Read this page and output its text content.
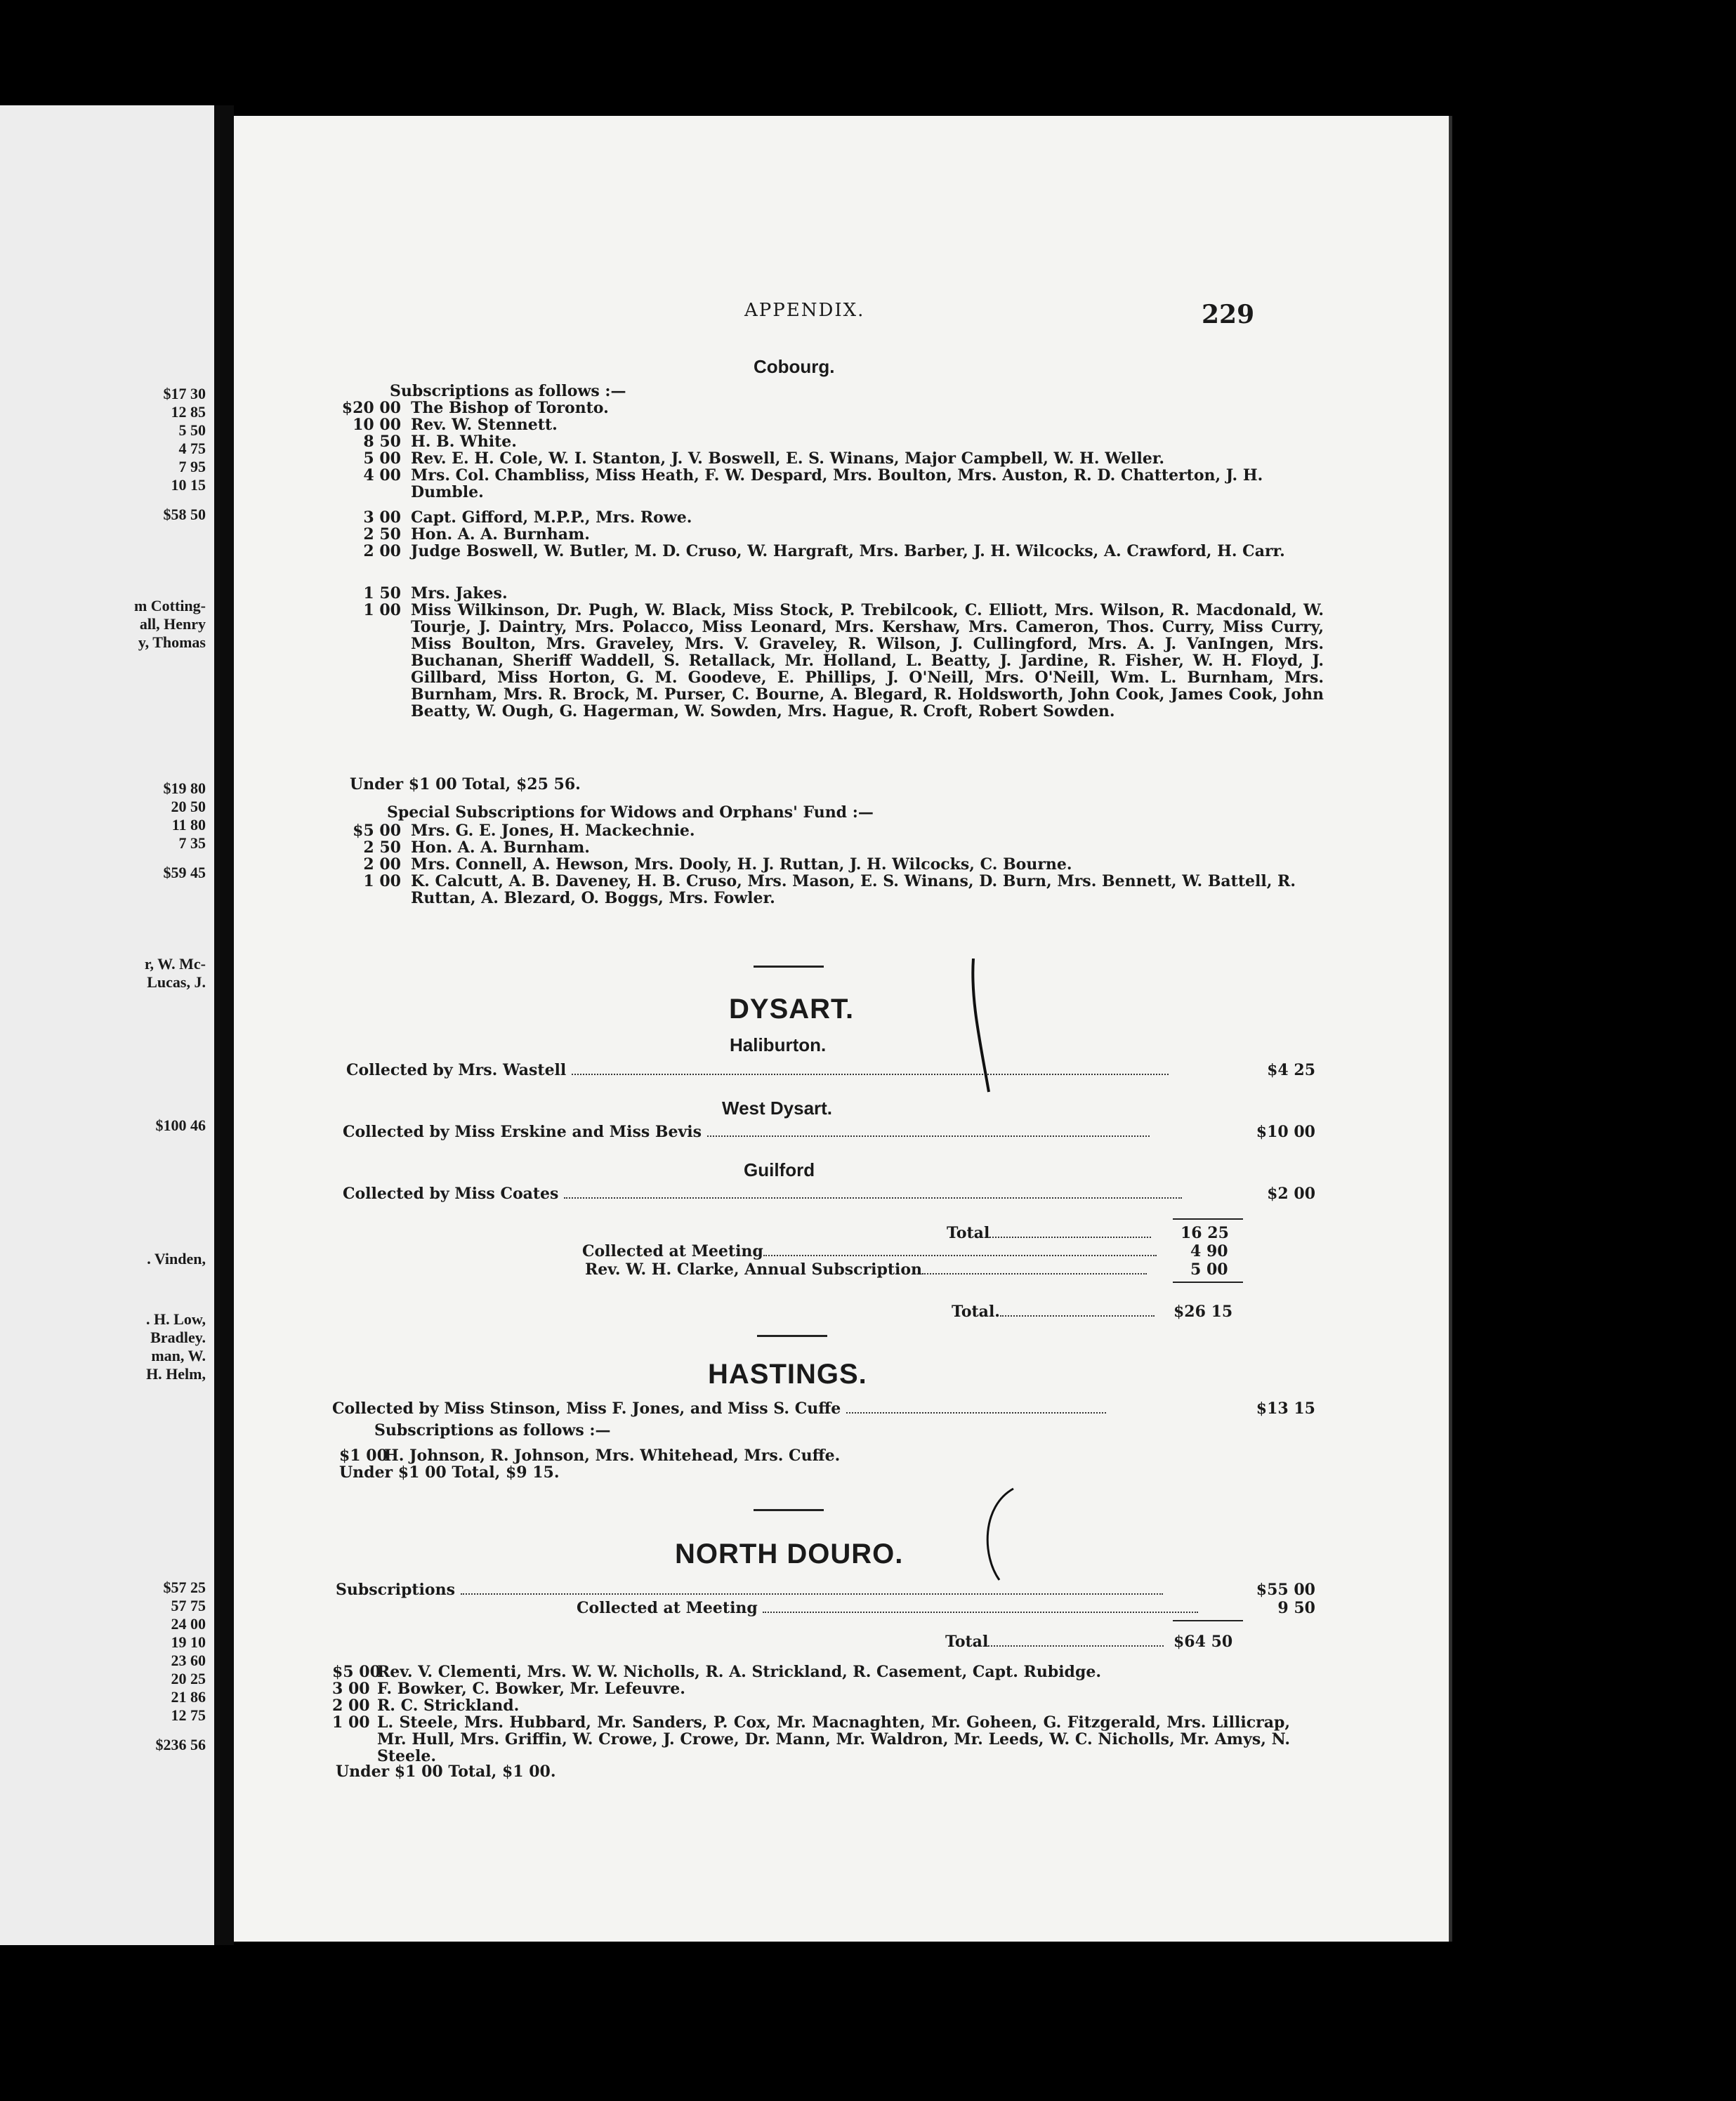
$17 30
12 85
5 50
4 75
7 95
10 15
$58 50
m Cotting-
all, Henry
y, Thomas
$19 80
20 50
11 80
7 35
$59 45
r, W. Mc-
Lucas, J.
$100 46
. Vinden,
. H. Low,
Bradley.
man, W.
H. Helm,
$57 25
57 75
24 00
19 10
23 60
20 25
21 86
12 75
$236 56
APPENDIX.	229
Cobourg.
Subscriptions as follows :—
$20 00 The Bishop of Toronto.
10 00 Rev. W. Stennett.
8 50 H. B. White.
5 00 Rev. E. H. Cole, W. I. Stanton, J. V. Boswell, E. S. Winans, Major Campbell, W. H. Weller.
4 00 Mrs. Col. Chambliss, Miss Heath, F. W. Despard, Mrs. Boulton, Mrs. Auston, R. D. Chatterton, J. H. Dumble.
3 00 Capt. Gifford, M.P.P., Mrs. Rowe.
2 50 Hon. A. A. Burnham.
2 00 Judge Boswell, W. Butler, M. D. Cruso, W. Hargraft, Mrs. Barber, J. H. Wilcocks, A. Crawford, H. Carr.
1 50 Mrs. Jakes.
1 00 Miss Wilkinson, Dr. Pugh, W. Black, Miss Stock, P. Trebilcook, C. Elliott, Mrs. Wilson, R. Macdonald, W. Tourje, J. Daintry, Mrs. Polacco, Miss Leonard, Mrs. Kershaw, Mrs. Cameron, Thos. Curry, Miss Curry, Miss Boulton, Mrs. Graveley, Mrs. V. Graveley, R. Wilson, J. Cullingford, Mrs. A. J. VanIngen, Mrs. Buchanan, Sheriff Waddell, S. Retallack, Mr. Holland, L. Beatty, J. Jardine, R. Fisher, W. H. Floyd, J. Gillbard, Miss Horton, G. M. Goodeve, E. Phillips, J. O'Neill, Mrs. O'Neill, Wm. L. Burnham, Mrs. Burnham, Mrs. R. Brock, M. Purser, C. Bourne, A. Blegard, R. Holdsworth, John Cook, James Cook, John Beatty, W. Ough, G. Hagerman, W. Sowden, Mrs. Hague, R. Croft, Robert Sowden.
Under $1 00 Total, $25 56.
Special Subscriptions for Widows and Orphans' Fund :—
$5 00 Mrs. G. E. Jones, H. Mackechnie.
2 50 Hon. A. A. Burnham.
2 00 Mrs. Connell, A. Hewson, Mrs. Dooly, H. J. Ruttan, J. H. Wilcocks, C. Bourne.
1 00 K. Calcutt, A. B. Daveney, H. B. Cruso, Mrs. Mason, E. S. Winans, D. Burn, Mrs. Bennett, W. Battell, R. Ruttan, A. Blezard, O. Boggs, Mrs. Fowler.
DYSART.
Haliburton.
Collected by Mrs. Wastell	$4 25
West Dysart.
Collected by Miss Erskine and Miss Bevis	$10 00
Guilford
Collected by Miss Coates	$2 00
Total	16 25
Collected at Meeting	4 90
Rev. W. H. Clarke, Annual Subscription	5 00
Total.	$26 15
HASTINGS.
Collected by Miss Stinson, Miss F. Jones, and Miss S. Cuffe	$13 15
Subscriptions as follows :—
$1 00H. Johnson, R. Johnson, Mrs. Whitehead, Mrs. Cuffe.
Under $1 00 Total, $9 15.
NORTH DOURO.
Subscriptions	$55 00
Collected at Meeting	9 50
Total	$64 50
$5 00Rev. V. Clementi, Mrs. W. W. Nicholls, R. A. Strickland, R. Casement, Capt. Rubidge.
3 00 F. Bowker, C. Bowker, Mr. Lefeuvre.
2 00 R. C. Strickland.
1 00 L. Steele, Mrs. Hubbard, Mr. Sanders, P. Cox, Mr. Macnaghten, Mr. Goheen, G. Fitzgerald, Mrs. Lillicrap, Mr. Hull, Mrs. Griffin, W. Crowe, J. Crowe, Dr. Mann, Mr. Waldron, Mr. Leeds, W. C. Nicholls, Mr. Amys, N. Steele.
Under $1 00 Total, $1 00.
